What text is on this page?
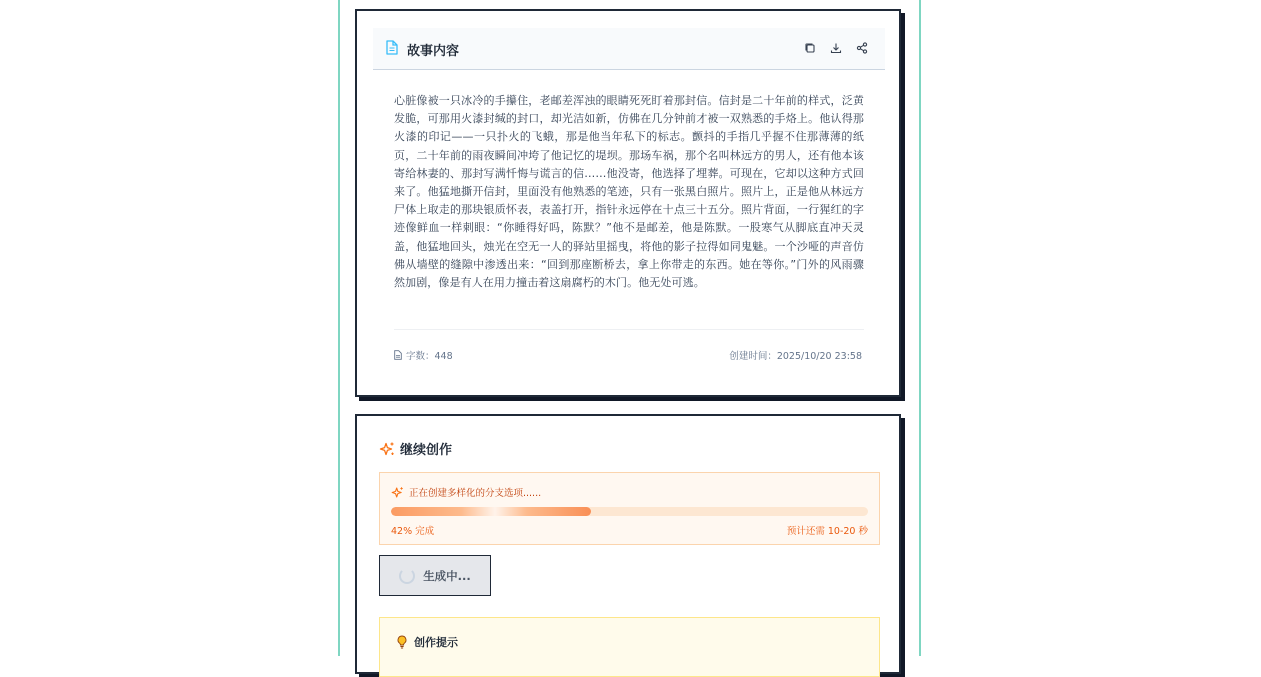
故事内容

心脏像被一只冰冷的手攥住，老邮差浑浊的眼睛死死盯着那封信。信封是二十年前的样式，泛黄发脆，可那用火漆封缄的封口，却光洁如新，仿佛在几分钟前才被一双熟悉的手烙上。他认得那火漆的印记——一只扑火的飞蛾，那是他当年私下的标志。颤抖的手指几乎握不住那薄薄的纸页，二十年前的雨夜瞬间冲垮了他记忆的堤坝。那场车祸，那个名叫林远方的男人，还有他本该寄给林妻的、那封写满忏悔与谎言的信……他没寄，他选择了埋葬。可现在，它却以这种方式回来了。他猛地撕开信封，里面没有他熟悉的笔迹，只有一张黑白照片。照片上，正是他从林远方尸体上取走的那块银质怀表，表盖打开，指针永远停在十点三十五分。照片背面，一行猩红的字迹像鲜血一样刺眼：“你睡得好吗，陈默？”他不是邮差，他是陈默。一股寒气从脚底直冲天灵盖，他猛地回头，烛光在空无一人的驿站里摇曳，将他的影子拉得如同鬼魅。一个沙哑的声音仿佛从墙壁的缝隙中渗透出来：“回到那座断桥去，拿上你带走的东西。她在等你。”门外的风雨骤然加剧，像是有人在用力撞击着这扇腐朽的木门。他无处可逃。

字数：448	创建时间：2025/10/20 23:58
继续创作
正在创建多样化的分支选项......
42% 完成	预计还需 10-20 秒
生成中...
创作提示
